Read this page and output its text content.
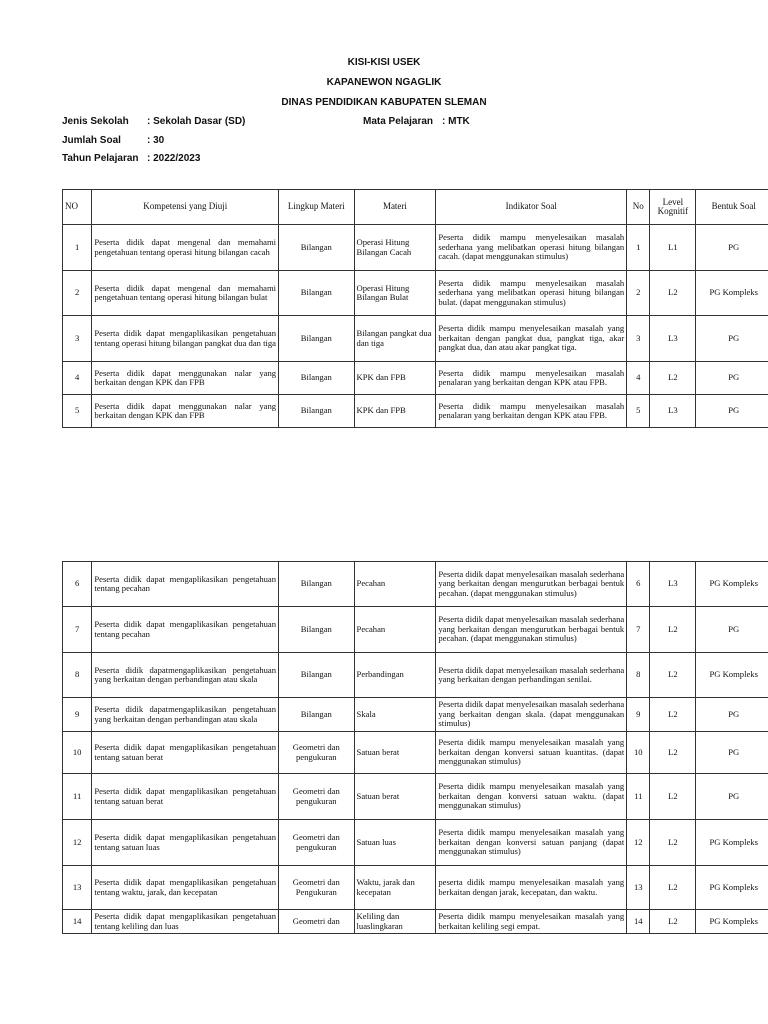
KISI-KISI USEK
KAPANEWON NGAGLIK
DINAS PENDIDIKAN KABUPATEN SLEMAN
Jenis Sekolah : Sekolah Dasar (SD)	Mata Pelajaran : MTK
Jumlah Soal	: 30
Tahun Pelajaran : 2022/2023
NO	Kompetensi yang Diuji	Lingkup Materi	Materi	Indikator Soal	No	Level Kognitif	Bentuk Soal
1	Peserta didik dapat mengenal dan memahami pengetahuan tentang operasi hitung bilangan cacah	Bilangan	Operasi Hitung Bilangan Cacah	Peserta didik mampu menyelesaikan masalah sederhana yang melibatkan operasi hitung bilangan cacah. (dapat menggunakan stimulus)	1	L1	PG
2	Peserta didik dapat mengenal dan memahami pengetahuan tentang operasi hitung bilangan bulat	Bilangan	Operasi Hitung Bilangan Bulat	Peserta didik mampu menyelesaikan masalah sederhana yang melibatkan operasi hitung bilangan bulat. (dapat menggunakan stimulus)	2	L2	PG Kompleks
3	Peserta didik dapat mengaplikasikan pengetahuan tentang operasi hitung bilangan pangkat dua dan tiga	Bilangan	Bilangan pangkat dua dan tiga	Peserta didik mampu menyelesaikan masalah yang berkaitan dengan pangkat dua, pangkat tiga, akar pangkat dua, dan atau akar pangkat tiga.	3	L3	PG
4	Peserta didik dapat menggunakan nalar yang berkaitan dengan KPK dan FPB	Bilangan	KPK dan FPB	Peserta didik mampu menyelesaikan masalah penalaran yang berkaitan dengan KPK atau FPB.	4	L2	PG
5	Peserta didik dapat menggunakan nalar yang berkaitan dengan KPK dan FPB	Bilangan	KPK dan FPB	Peserta didik mampu menyelesaikan masalah penalaran yang berkaitan dengan KPK atau FPB.	5	L3	PG
6	Peserta didik dapat mengaplikasikan pengetahuan tentang pecahan	Bilangan	Pecahan	Peserta didik dapat menyelesaikan masalah sederhana yang berkaitan dengan mengurutkan berbagai bentuk pecahan. (dapat menggunakan stimulus)	6	L3	PG Kompleks
7	Peserta didik dapat mengaplikasikan pengetahuan tentang pecahan	Bilangan	Pecahan	Peserta didik dapat menyelesaikan masalah sederhana yang berkaitan dengan mengurutkan berbagai bentuk pecahan. (dapat menggunakan stimulus)	7	L2	PG
8	Peserta didik dapatmengaplikasikan pengetahuan yang berkaitan dengan perbandingan atau skala	Bilangan	Perbandingan	Peserta didik dapat menyelesaikan masalah sederhana yang berkaitan dengan perbandingan senilai.	8	L2	PG Kompleks
9	Peserta didik dapatmengaplikasikan pengetahuan yang berkaitan dengan perbandingan atau skala	Bilangan	Skala	Peserta didik dapat menyelesaikan masalah sederhana yang berkaitan dengan skala. (dapat menggunakan stimulus)	9	L2	PG
10	Peserta didik dapat mengaplikasikan pengetahuan tentang satuan berat	Geometri dan pengukuran	Satuan berat	Peserta didik mampu menyelesaikan masalah yang berkaitan dengan konversi satuan kuantitas. (dapat menggunakan stimulus)	10	L2	PG
11	Peserta didik dapat mengaplikasikan pengetahuan tentang satuan berat	Geometri dan pengukuran	Satuan berat	Peserta didik mampu menyelesaikan masalah yang berkaitan dengan konversi satuan waktu. (dapat menggunakan stimulus)	11	L2	PG
12	Peserta didik dapat mengaplikasikan pengetahuan tentang satuan luas	Geometri dan pengukuran	Satuan luas	Peserta didik mampu menyelesaikan masalah yang berkaitan dengan konversi satuan panjang (dapat menggunakan stimulus)	12	L2	PG Kompleks
13	Peserta didik dapat mengaplikasikan pengetahuan tentang waktu, jarak, dan kecepatan	Geometri dan Pengukuran	Waktu, jarak dan kecepatan	peserta didik mampu menyelesaikan masalah yang berkaitan dengan jarak, kecepatan, dan waktu.	13	L2	PG Kompleks
14	Peserta didik dapat mengaplikasikan pengetahuan tentang keliling dan luas	Geometri dan	Keliling dan luaslingkaran	Peserta didik mampu menyelesaikan masalah yang berkaitan keliling segi empat.	14	L2	PG Kompleks
